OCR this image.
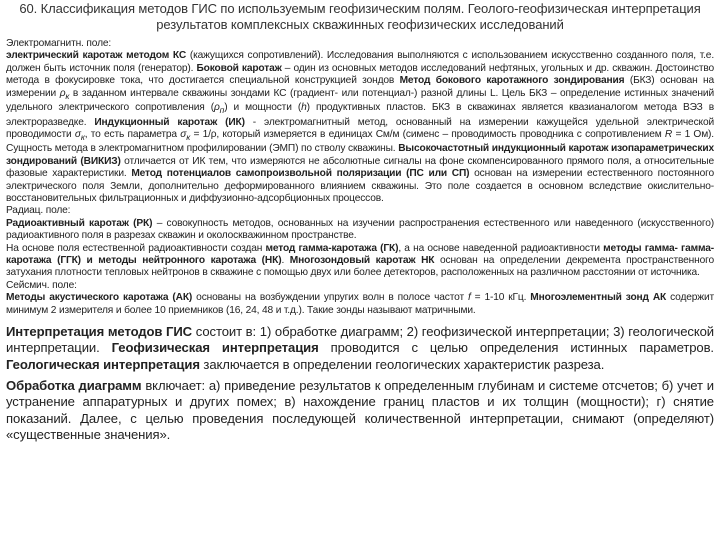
60. Классификация методов ГИС по используемым геофизическим полям. Геолого-геофизическая интерпретация результатов комплексных скважинных геофизических исследований

Электромагнитн. поле:

электрический каротаж методом КС (кажущихся сопротивлений). Исследования выполняются с использованием искусственно созданного поля, т.е. должен быть источник поля (генератор). Боковой каротаж – один из основных методов исследований нефтяных, угольных и др. скважин. Достоинство метода в фокусировке тока, что достигается специальной конструкцией зондов Метод бокового каротажного зондирования (БКЗ) основан на измерении $\rho_к$ в заданном интервале скважины зондами КС (градиент- или потенциал-) разной длины L. Цель БКЗ – определение истинных значений удельного электрического сопротивления $(\rho_п)$ и мощности (h) продуктивных пластов. БКЗ в скважинах является квазианалогом метода ВЭЗ в электроразведке. Индукционный каротаж (ИК) - электромагнитный метод, основанный на измерении кажущейся удельной электрической проводимости $\sigma_к$, то есть параметра $\sigma_к = 1/\rho$, который измеряется в единицах См/м (сименс – проводимость проводника с сопротивлением R = 1 Ом). Сущность метода в электромагнитном профилировании (ЭМП) по стволу скважины. Высокочастотный индукционный каротаж изопараметрических зондирований (ВИКИЗ) отличается от ИК тем, что измеряются не абсолютные сигналы на фоне скомпенсированного прямого поля, а относительные фазовые характеристики. Метод потенциалов самопроизвольной поляризации (ПС или СП) основан на измерении естественного постоянного электрического поля Земли, дополнительно деформированного влиянием скважины. Это поле создается в основном вследствие окислительно-восстановительных фильтрационных и диффузионно-адсорбционных процессов.

Радиац. поле:

Радиоактивный каротаж (РК) – совокупность методов, основанных на изучении распространения естественного или наведенного (искусственного) радиоактивного поля в разрезах скважин и околоскважинном пространстве.

На основе поля естественной радиоактивности создан метод гамма-каротажа (ГК), а на основе наведенной радиоактивности методы гамма- гамма-каротажа (ГГК) и методы нейтронного каротажа (НК). Многозондовый каротаж НК основан на определении декремента пространственного затухания плотности тепловых нейтронов в скважине с помощью двух или более детекторов, расположенных на различном расстоянии от источника.

Сейсмич. поле:

Методы акустического каротажа (АК) основаны на возбуждении упругих волн в полосе частот f = 1-10 кГц. Многоэлементный зонд АК содержит минимум 2 измерителя и более 10 приемников (16, 24, 48 и т.д.). Такие зонды называют матричными.

Интерпретация методов ГИС состоит в: 1) обработке диаграмм; 2) геофизической интерпретации; 3) геологической интерпретации. Геофизическая интерпретация проводится с целью определения истинных параметров. Геологическая интерпретация заключается в определении геологических характеристик разреза.

Обработка диаграмм включает: а) приведение результатов к определенным глубинам и системе отсчетов; б) учет и устранение аппаратурных и других помех; в) нахождение границ пластов и их толщин (мощности); г) снятие показаний. Далее, с целью проведения последующей количественной интерпретации, снимают (определяют) «существенные значения».
